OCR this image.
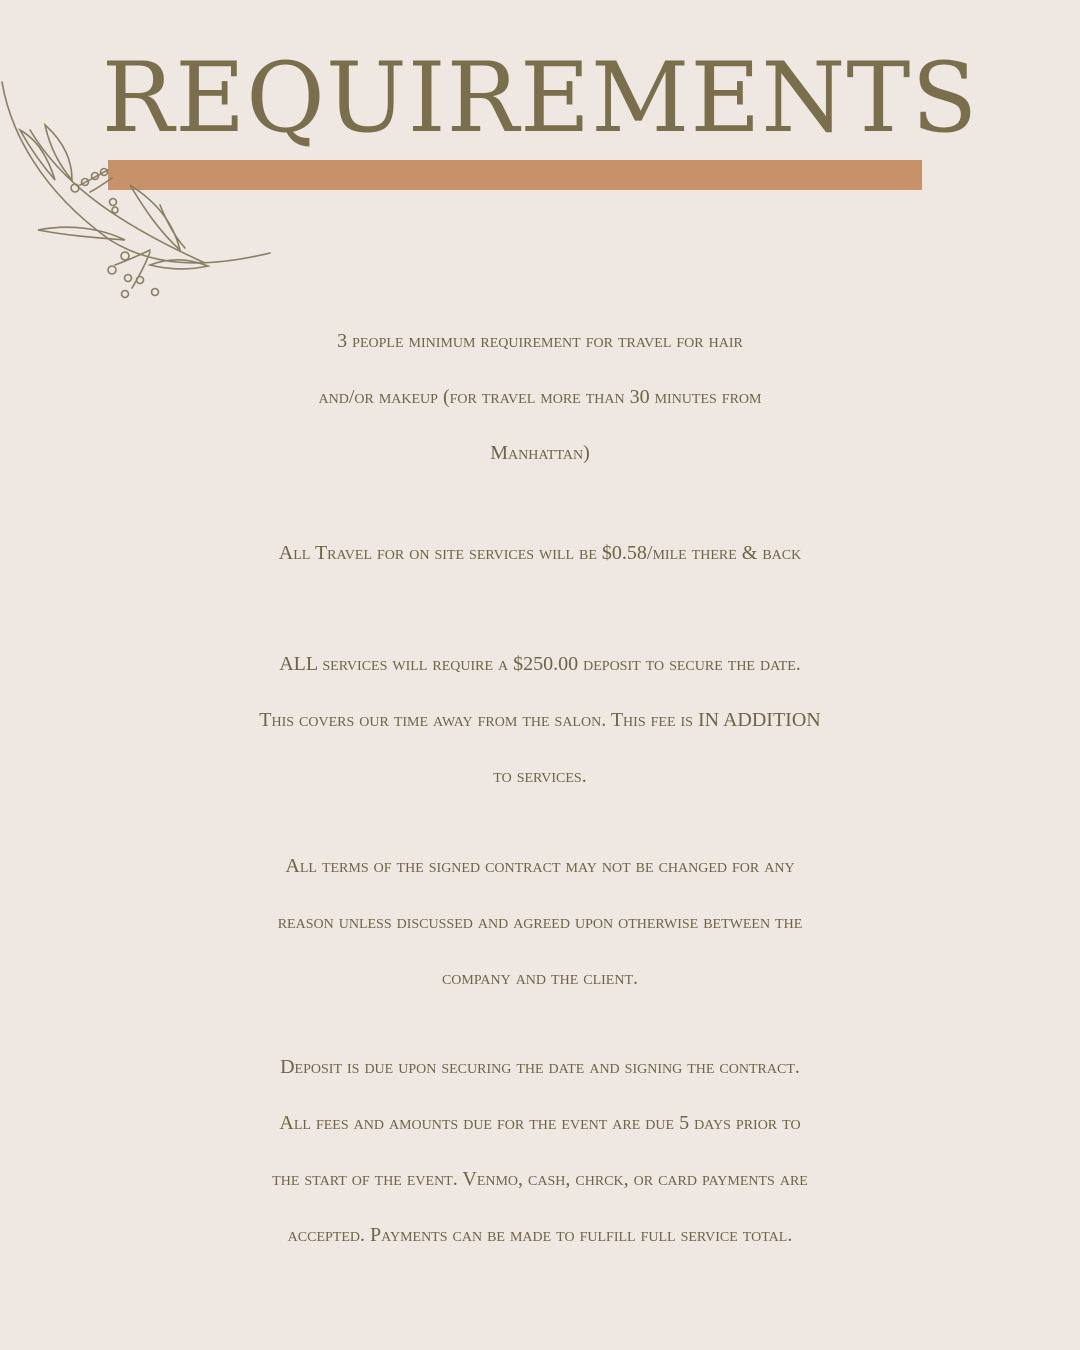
REQUIREMENTS
3 people minimum requirement for travel for hair
and/or makeup (for travel more than 30 minutes from
Manhattan)
All Travel for on site services will be $0.58/mile there & back
ALL services will require a $250.00 deposit to secure the date.
This covers our time away from the salon. This fee is IN ADDITION
to services.
All terms of the signed contract may not be changed for any
reason unless discussed and agreed upon otherwise between the
company and the client.
Deposit is due upon securing the date and signing the contract.
All fees and amounts due for the event are due 5 days prior to
the start of the event. Venmo, cash, chrck, or card payments are
accepted. Payments can be made to fulfill full service total.
